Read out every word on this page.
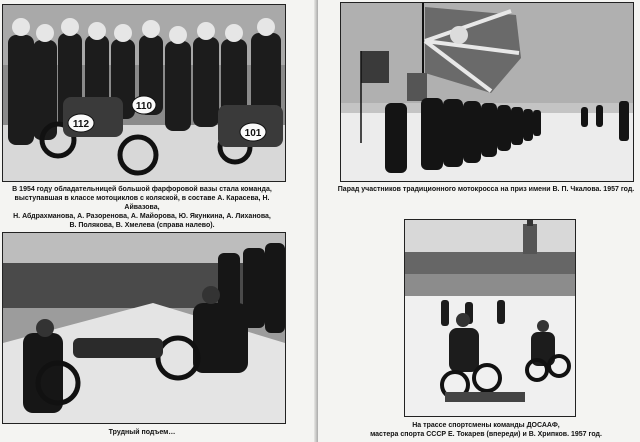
112
110
101

В 1954 году обладательницей большой фарфоровой вазы стала команда,
выступавшая в классе мотоциклов с коляской, в составе А. Карасева, Н. Айвазова,
Н. Абдрахманова, А. Разоренова, А. Майорова, Ю. Якункина, А. Лиханова,
В. Полякова, В. Хмелева (справа налево).

Трудный подъем…

Парад участников традиционного мотокросса на приз имени В. П. Чкалова. 1957 год.

На трассе спортсмены команды ДОСААФ,
мастера спорта СССР Е. Токарев (впереди) и В. Хрипков. 1957 год.
